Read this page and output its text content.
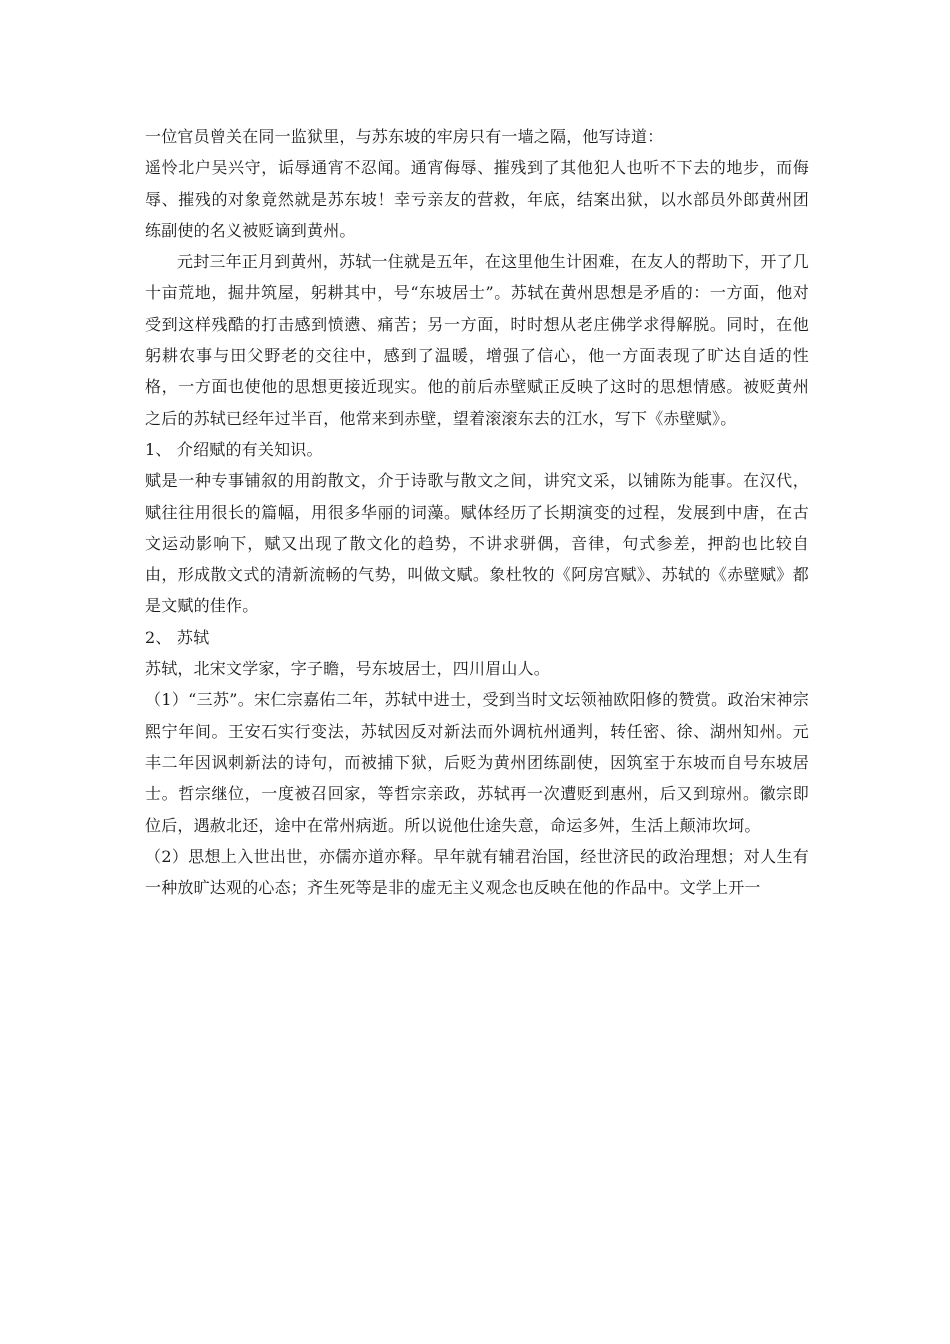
一位官员曾关在同一监狱里，与苏东坡的牢房只有一墙之隔，他写诗道：

遥怜北户吴兴守，诟辱通宵不忍闻。通宵侮辱、摧残到了其他犯人也听不下去的地步，而侮辱、摧残的对象竟然就是苏东坡！幸亏亲友的营救，年底，结案出狱，以水部员外郎黄州团练副使的名义被贬谪到黄州。

元封三年正月到黄州，苏轼一住就是五年，在这里他生计困难，在友人的帮助下，开了几十亩荒地，掘井筑屋，躬耕其中，号“东坡居士”。苏轼在黄州思想是矛盾的：一方面，他对受到这样残酷的打击感到愤懑、痛苦；另一方面，时时想从老庄佛学求得解脱。同时，在他躬耕农事与田父野老的交往中，感到了温暖，增强了信心，他一方面表现了旷达自适的性格，一方面也使他的思想更接近现实。他的前后赤壁赋正反映了这时的思想情感。被贬黄州之后的苏轼已经年过半百，他常来到赤壁，望着滚滚东去的江水，写下《赤壁赋》。

1、 介绍赋的有关知识。

赋是一种专事铺叙的用韵散文，介于诗歌与散文之间，讲究文采，以铺陈为能事。在汉代，赋往往用很长的篇幅，用很多华丽的词藻。赋体经历了长期演变的过程，发展到中唐，在古文运动影响下，赋又出现了散文化的趋势，不讲求骈偶，音律，句式参差，押韵也比较自由，形成散文式的清新流畅的气势，叫做文赋。象杜牧的《阿房宫赋》、苏轼的《赤壁赋》都是文赋的佳作。

2、 苏轼

苏轼，北宋文学家，字子瞻，号东坡居士，四川眉山人。

（1）“三苏”。宋仁宗嘉佑二年，苏轼中进士，受到当时文坛领袖欧阳修的赞赏。政治宋神宗熙宁年间。王安石实行变法，苏轼因反对新法而外调杭州通判，转任密、徐、湖州知州。元丰二年因讽刺新法的诗句，而被捕下狱，后贬为黄州团练副使，因筑室于东坡而自号东坡居士。哲宗继位，一度被召回家，等哲宗亲政，苏轼再一次遭贬到惠州，后又到琼州。徽宗即位后，遇赦北还，途中在常州病逝。所以说他仕途失意，命运多舛，生活上颠沛坎坷。

（2）思想上入世出世，亦儒亦道亦释。早年就有辅君治国，经世济民的政治理想；对人生有一种放旷达观的心态；齐生死等是非的虚无主义观念也反映在他的作品中。文学上开一
